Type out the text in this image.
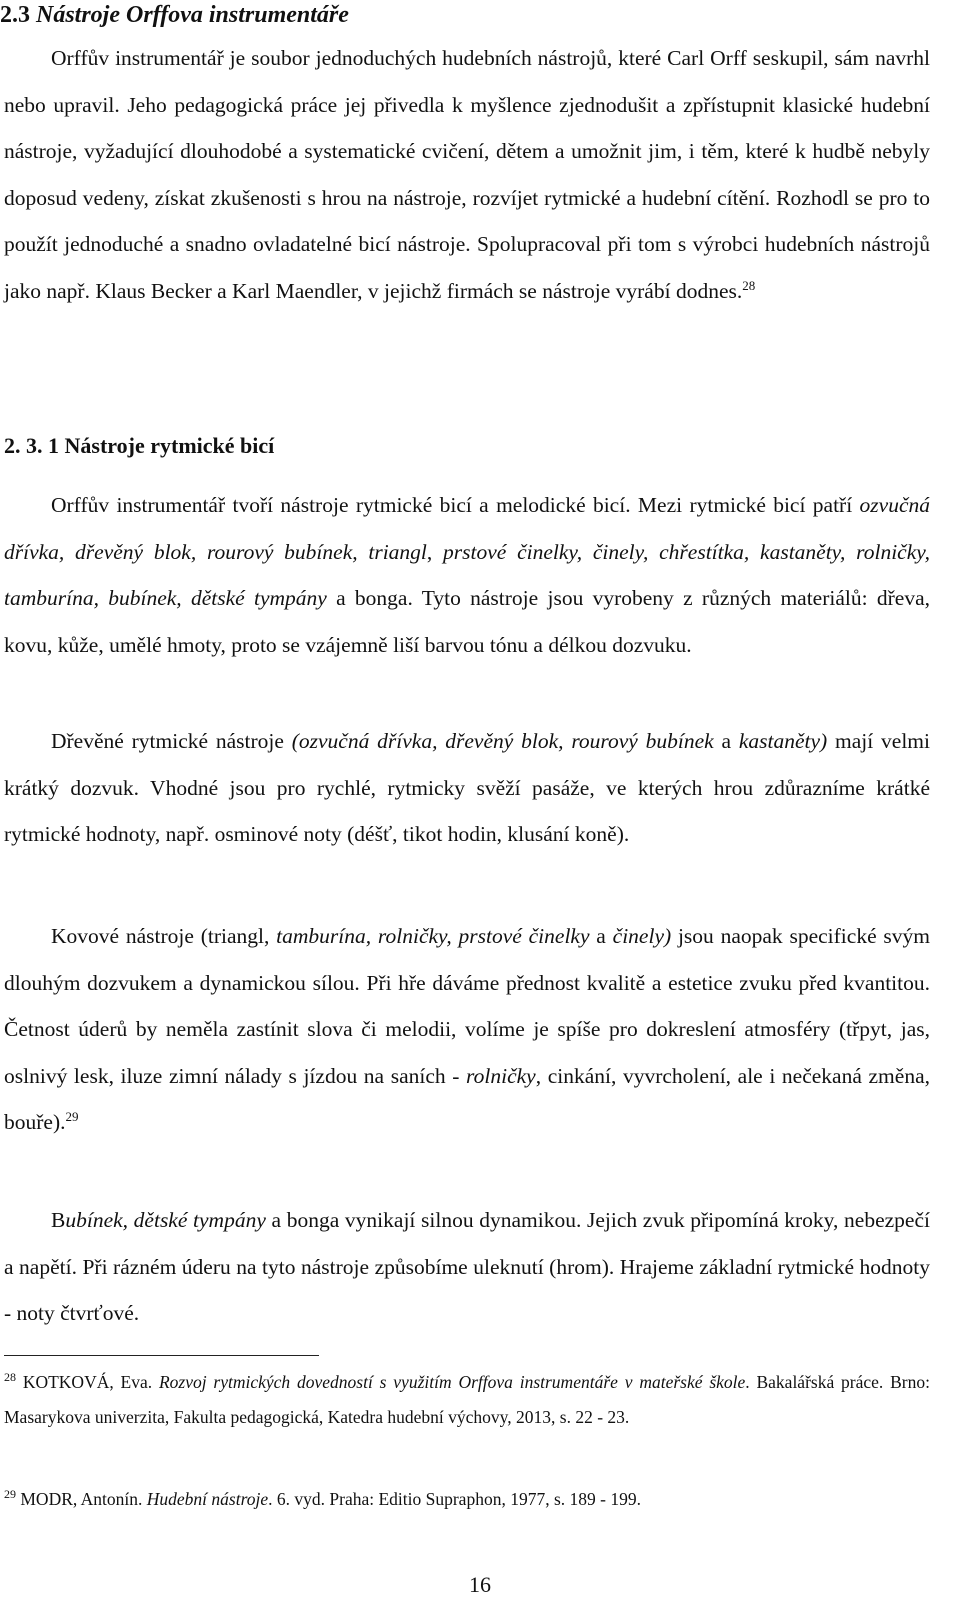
2.3 Nástroje Orffova instrumentáře

Orffův instrumentář je soubor jednoduchých hudebních nástrojů, které Carl Orff seskupil, sám navrhl nebo upravil. Jeho pedagogická práce jej přivedla k myšlence zjednodušit a zpřístupnit klasické hudební nástroje, vyžadující dlouhodobé a systematické cvičení, dětem a umožnit jim, i těm, které k hudbě nebyly doposud vedeny, získat zkušenosti s hrou na nástroje, rozvíjet rytmické a hudební cítění. Rozhodl se pro to použít jednoduché a snadno ovladatelné bicí nástroje. Spolupracoval při tom s výrobci hudebních nástrojů jako např. Klaus Becker a Karl Maendler, v jejichž firmách se nástroje vyrábí dodnes.$^{28}$

2. 3. 1 Nástroje rytmické bicí

Orffův instrumentář tvoří nástroje rytmické bicí a melodické bicí. Mezi rytmické bicí patří ozvučná dřívka, dřevěný blok, rourový bubínek, triangl, prstové činelky, činely, chřestítka, kastaněty, rolničky, tamburína, bubínek, dětské tympány a bonga. Tyto nástroje jsou vyrobeny z různých materiálů: dřeva, kovu, kůže, umělé hmoty, proto se vzájemně liší barvou tónu a délkou dozvuku.

Dřevěné rytmické nástroje (ozvučná dřívka, dřevěný blok, rourový bubínek a kastaněty) mají velmi krátký dozvuk. Vhodné jsou pro rychlé, rytmicky svěží pasáže, ve kterých hrou zdůrazníme krátké rytmické hodnoty, např. osminové noty (déšť, tikot hodin, klusání koně).

Kovové nástroje (triangl, tamburína, rolničky, prstové činelky a činely) jsou naopak specifické svým dlouhým dozvukem a dynamickou sílou. Při hře dáváme přednost kvalitě a estetice zvuku před kvantitou. Četnost úderů by neměla zastínit slova či melodii, volíme je spíše pro dokreslení atmosféry (třpyt, jas, oslnivý lesk, iluze zimní nálady s jízdou na saních - rolničky, cinkání, vyvrcholení, ale i nečekaná změna, bouře).$^{29}$

Bubínek, dětské tympány a bonga vynikají silnou dynamikou. Jejich zvuk připomíná kroky, nebezpečí a napětí. Při rázném úderu na tyto nástroje způsobíme uleknutí (hrom). Hrajeme základní rytmické hodnoty - noty čtvrťové.

$^{28}$ KOTKOVÁ, Eva. Rozvoj rytmických dovedností s využitím Orffova instrumentáře v mateřské škole. Bakalářská práce. Brno: Masarykova univerzita, Fakulta pedagogická, Katedra hudební výchovy, 2013, s. 22 - 23.

$^{29}$ MODR, Antonín. Hudební nástroje. 6. vyd. Praha: Editio Supraphon, 1977, s. 189 - 199.

16
